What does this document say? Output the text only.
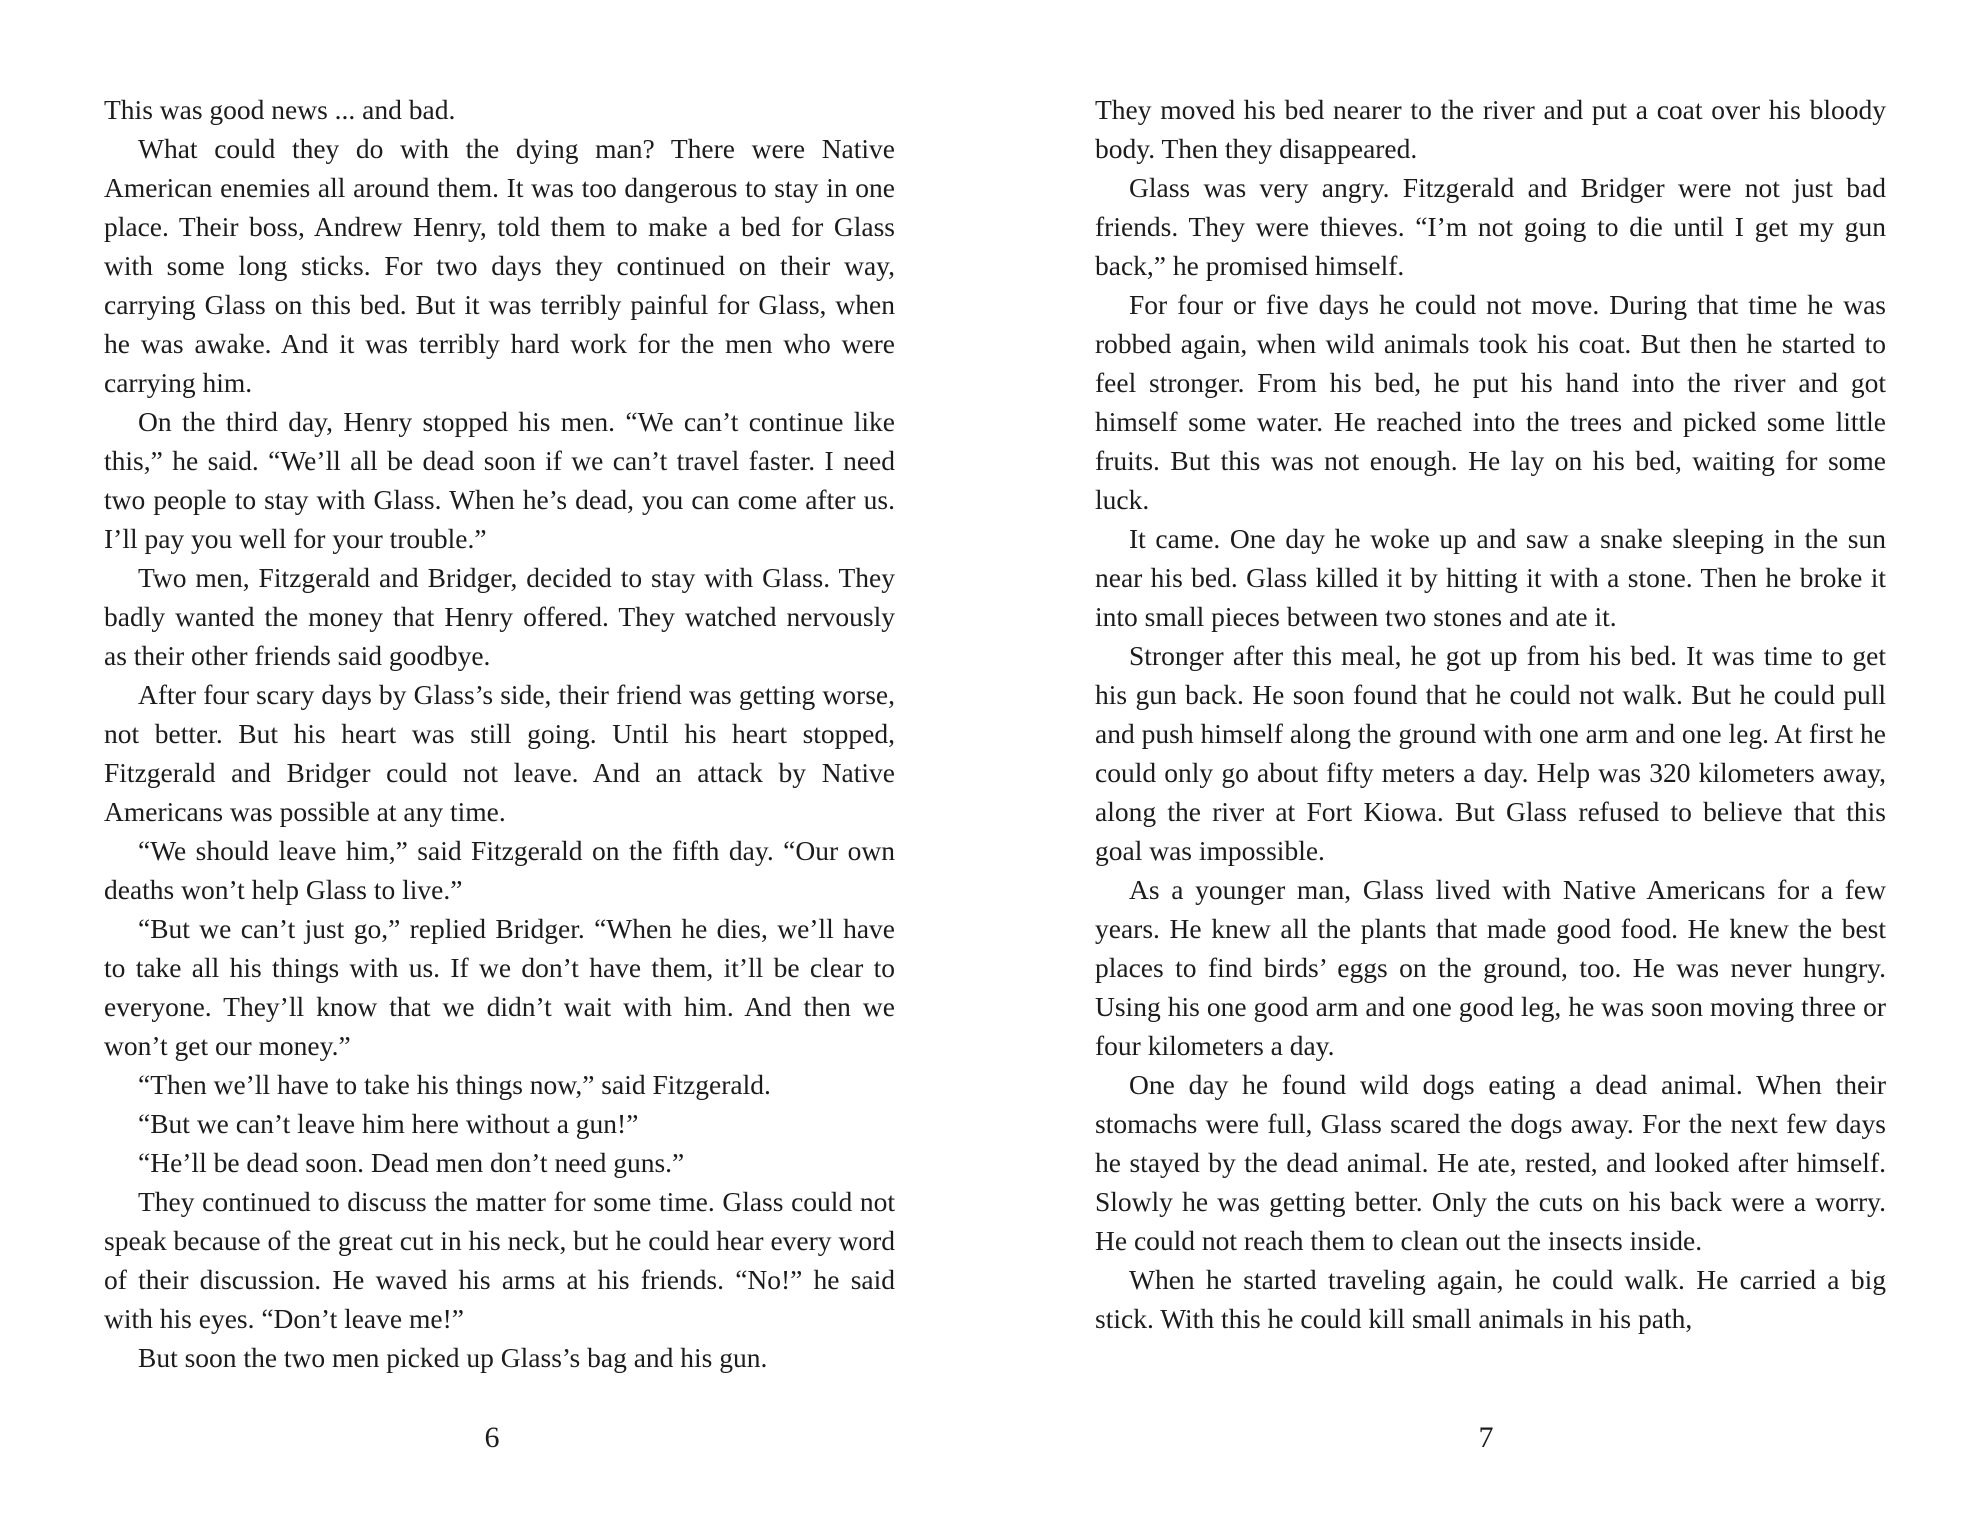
This was good news ... and bad.

What could they do with the dying man? There were Native American enemies all around them. It was too dangerous to stay in one place. Their boss, Andrew Henry, told them to make a bed for Glass with some long sticks. For two days they continued on their way, carrying Glass on this bed. But it was terribly painful for Glass, when he was awake. And it was terribly hard work for the men who were carrying him.

On the third day, Henry stopped his men. “We can’t continue like this,” he said. “We’ll all be dead soon if we can’t travel faster. I need two people to stay with Glass. When he’s dead, you can come after us. I’ll pay you well for your trouble.”

Two men, Fitzgerald and Bridger, decided to stay with Glass. They badly wanted the money that Henry offered. They watched nervously as their other friends said goodbye.

After four scary days by Glass’s side, their friend was getting worse, not better. But his heart was still going. Until his heart stopped, Fitzgerald and Bridger could not leave. And an attack by Native Americans was possible at any time.

“We should leave him,” said Fitzgerald on the fifth day. “Our own deaths won’t help Glass to live.”

“But we can’t just go,” replied Bridger. “When he dies, we’ll have to take all his things with us. If we don’t have them, it’ll be clear to everyone. They’ll know that we didn’t wait with him. And then we won’t get our money.”

“Then we’ll have to take his things now,” said Fitzgerald.

“But we can’t leave him here without a gun!”

“He’ll be dead soon. Dead men don’t need guns.”

They continued to discuss the matter for some time. Glass could not speak because of the great cut in his neck, but he could hear every word of their discussion. He waved his arms at his friends. “No!” he said with his eyes. “Don’t leave me!”

But soon the two men picked up Glass’s bag and his gun.

6

They moved his bed nearer to the river and put a coat over his bloody body. Then they disappeared.

Glass was very angry. Fitzgerald and Bridger were not just bad friends. They were thieves. “I’m not going to die until I get my gun back,” he promised himself.

For four or five days he could not move. During that time he was robbed again, when wild animals took his coat. But then he started to feel stronger. From his bed, he put his hand into the river and got himself some water. He reached into the trees and picked some little fruits. But this was not enough. He lay on his bed, waiting for some luck.

It came. One day he woke up and saw a snake sleeping in the sun near his bed. Glass killed it by hitting it with a stone. Then he broke it into small pieces between two stones and ate it.

Stronger after this meal, he got up from his bed. It was time to get his gun back. He soon found that he could not walk. But he could pull and push himself along the ground with one arm and one leg. At first he could only go about fifty meters a day. Help was 320 kilometers away, along the river at Fort Kiowa. But Glass refused to believe that this goal was impossible.

As a younger man, Glass lived with Native Americans for a few years. He knew all the plants that made good food. He knew the best places to find birds’ eggs on the ground, too. He was never hungry. Using his one good arm and one good leg, he was soon moving three or four kilometers a day.

One day he found wild dogs eating a dead animal. When their stomachs were full, Glass scared the dogs away. For the next few days he stayed by the dead animal. He ate, rested, and looked after himself. Slowly he was getting better. Only the cuts on his back were a worry. He could not reach them to clean out the insects inside.

When he started traveling again, he could walk. He carried a big stick. With this he could kill small animals in his path,

7
